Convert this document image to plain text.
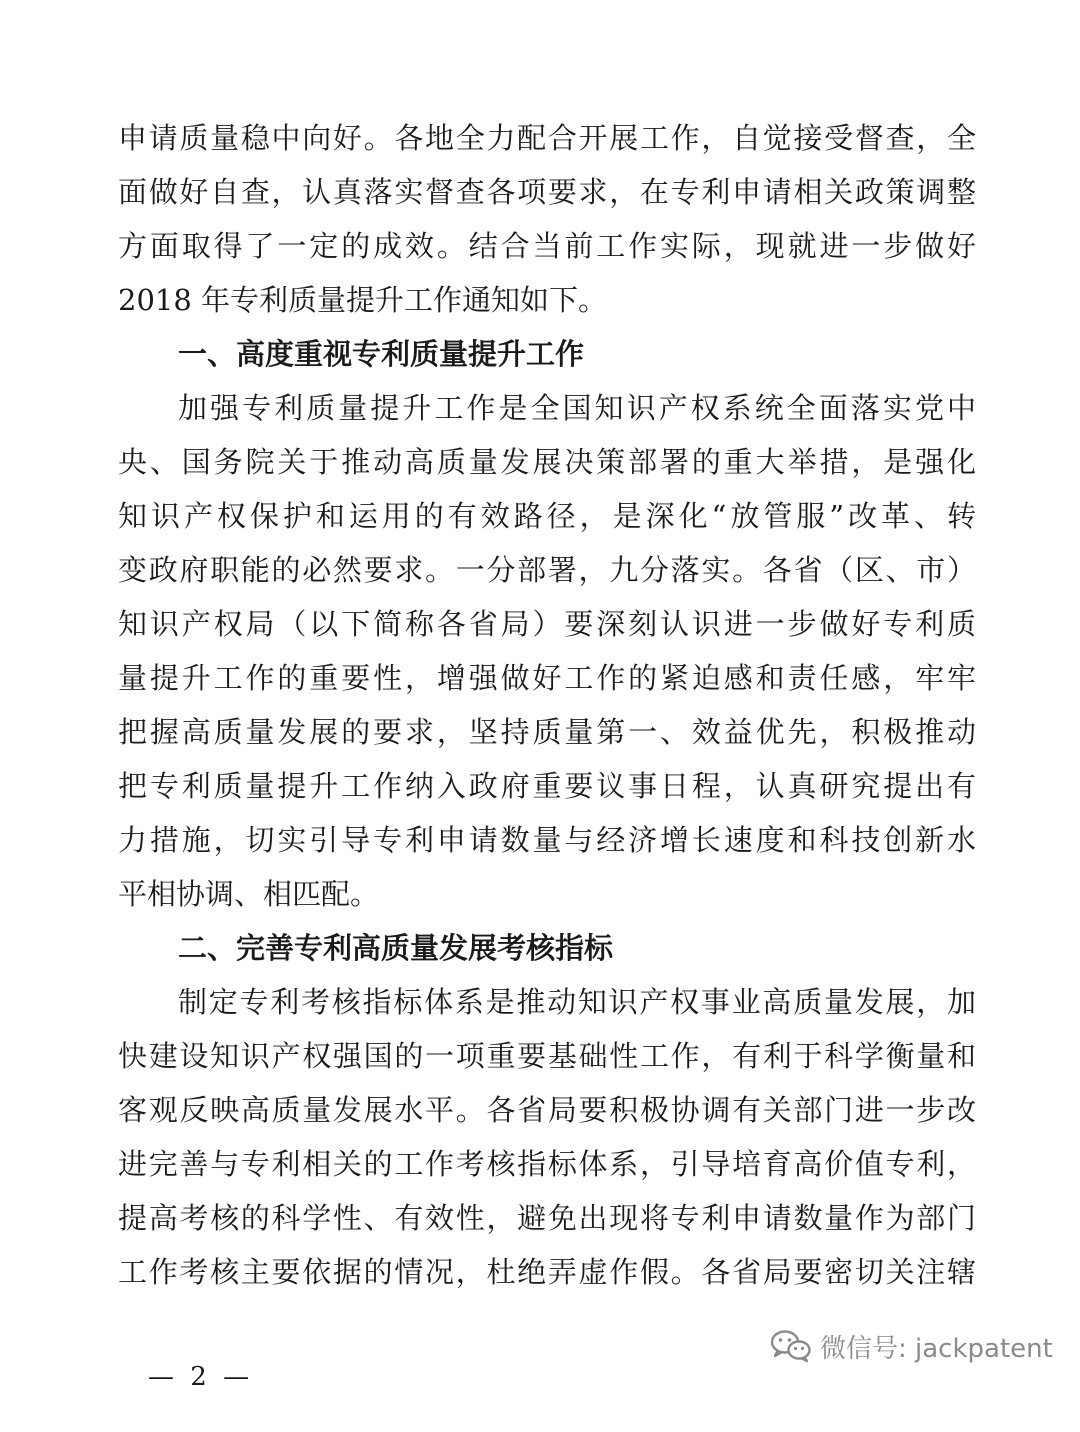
申请质量稳中向好。各地全力配合开展工作，自觉接受督查，全
面做好自查，认真落实督查各项要求，在专利申请相关政策调整
方面取得了一定的成效。结合当前工作实际，现就进一步做好
2018 年专利质量提升工作通知如下。
一、高度重视专利质量提升工作
加强专利质量提升工作是全国知识产权系统全面落实党中
央、国务院关于推动高质量发展决策部署的重大举措，是强化
知识产权保护和运用的有效路径，是深化“放管服”改革、转
变政府职能的必然要求。一分部署，九分落实。各省（区、市）
知识产权局（以下简称各省局）要深刻认识进一步做好专利质
量提升工作的重要性，增强做好工作的紧迫感和责任感，牢牢
把握高质量发展的要求，坚持质量第一、效益优先，积极推动
把专利质量提升工作纳入政府重要议事日程，认真研究提出有
力措施，切实引导专利申请数量与经济增长速度和科技创新水
平相协调、相匹配。
二、完善专利高质量发展考核指标
制定专利考核指标体系是推动知识产权事业高质量发展，加
快建设知识产权强国的一项重要基础性工作，有利于科学衡量和
客观反映高质量发展水平。各省局要积极协调有关部门进一步改
进完善与专利相关的工作考核指标体系，引导培育高价值专利，
提高考核的科学性、有效性，避免出现将专利申请数量作为部门
工作考核主要依据的情况，杜绝弄虚作假。各省局要密切关注辖
微信号: jackpatent
— 2 —
